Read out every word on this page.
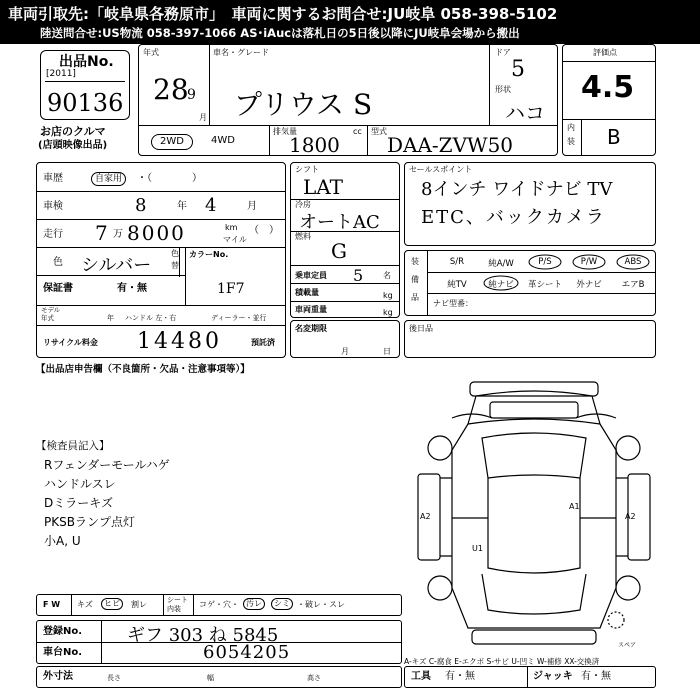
車両引取先:「岐阜県各務原市」　車両に関するお問合せ:JU岐阜 058-398-5102
陸送問合せ:US物流 058-397-1066 AS･iAucは落札日の5日後以降にJU岐阜会場から搬出
出品No.
[2011]
90136
お店のクルマ
(店頭映像出品)
年式
28
9
月
車名・グレード
プリウス S
ドア
5
形状
ハコ
2WD	4WD
排気量
1800
cc 型式
DAA-ZVW50
評価点
4.5
内
装 B
車歴	自家用	・（　　　　）
車検	8	年 4	月
走行 7 万 8000	km
マイル
（　）
色 シルバー
色
替
カラーNo.
1F7
保証書	有・無
モデル
年式	年 ハンドル 左・右	ディーラー・並行
リサイクル料金 14480	預託済
シフト
LAT
冷房
オートAC
燃料
G
乗車定員 5 名
積載量	kg
車両重量	kg
名変期限
月	日
セールスポイント
8インチ ワイドナビ TV
ETC、バックカメラ
装
備
品
S/R	純A/W	P/S	P/W	ABS
純TV	純ナビ	革シート	外ナビ	エアB
ナビ型番：
後日品
【出品店申告欄（不良箇所・欠品・注意事項等）】
【検査員記入】
Rフェンダーモールハゲ
ハンドルスレ
Dミラーキズ
PKSBランプ点灯
小A, U
A1
A2	A2
U1
スペア
A-キズ C-腐食 E-エクボ S-サビ U-凹ミ W-補修 XX-交換済
F W キズ	ヒビ	割レ	シート
内装 コゲ・穴・ 汚レ	シミ ・破レ・スレ
登録No. ギフ 303 ね 5845
車台No.	6054205
外寸法	長さ	幅	高さ	工具 有・無	ジャッキ 有・無
